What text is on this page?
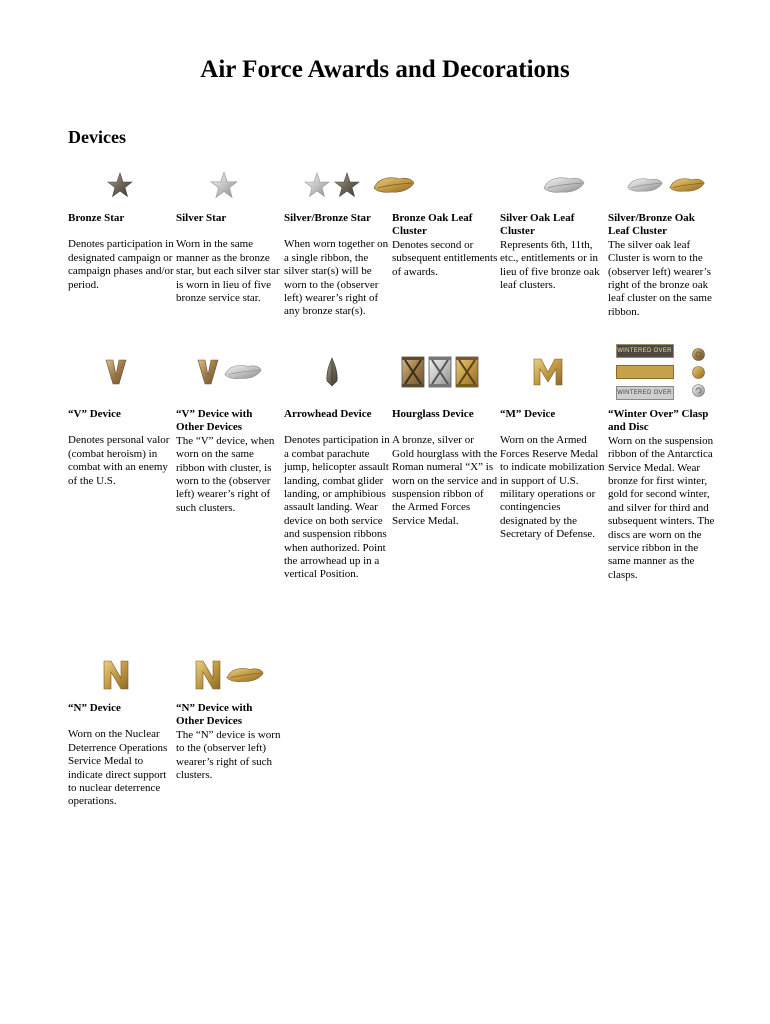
Air Force Awards and Decorations
Devices
Bronze Star
Denotes participation in designated campaign or campaign phases and/or period.
Silver Star
Worn in the same manner as the bronze star, but each silver star is worn in lieu of five bronze service star.
Silver/Bronze Star
When worn together on a single ribbon, the silver star(s) will be worn to the (observer left) wearer’s right of any bronze star(s).
Bronze Oak Leaf Cluster
Denotes second or subsequent entitlements of awards.
Silver Oak Leaf Cluster
Represents 6th, 11th, etc., entitlements or in lieu of five bronze oak leaf clusters.
Silver/Bronze Oak Leaf Cluster
The silver oak leaf Cluster is worn to the (observer left) wearer’s right of the bronze oak leaf cluster on the same ribbon.
WINTERED OVER
WINTERED OVER
“V” Device
Denotes personal valor (combat heroism) in combat with an enemy of the U.S.
“V” Device with Other Devices
The “V” device, when worn on the same ribbon with cluster, is worn to the (observer left) wearer’s right of such clusters.
Arrowhead Device
Denotes participation in a combat parachute jump, helicopter assault landing, combat glider landing, or amphibious assault landing. Wear device on both service and suspension ribbons when authorized. Point the arrowhead up in a vertical Position.
Hourglass Device
A bronze, silver or Gold hourglass with the Roman numeral “X” is worn on the service and suspension ribbon of the Armed Forces Service Medal.
“M” Device
Worn on the Armed Forces Reserve Medal to indicate mobilization in support of U.S. military operations or contingencies designated by the Secretary of Defense.
“Winter Over” Clasp and Disc
Worn on the suspension ribbon of the Antarctica Service Medal. Wear bronze for first winter, gold for second winter, and silver for third and subsequent winters. The discs are worn on the service ribbon in the same manner as the clasps.
“N” Device
Worn on the Nuclear Deterrence Operations Service Medal to indicate direct support to nuclear deterrence operations.
“N” Device with Other Devices
The “N” device is worn to the (observer left) wearer’s right of such clusters.
